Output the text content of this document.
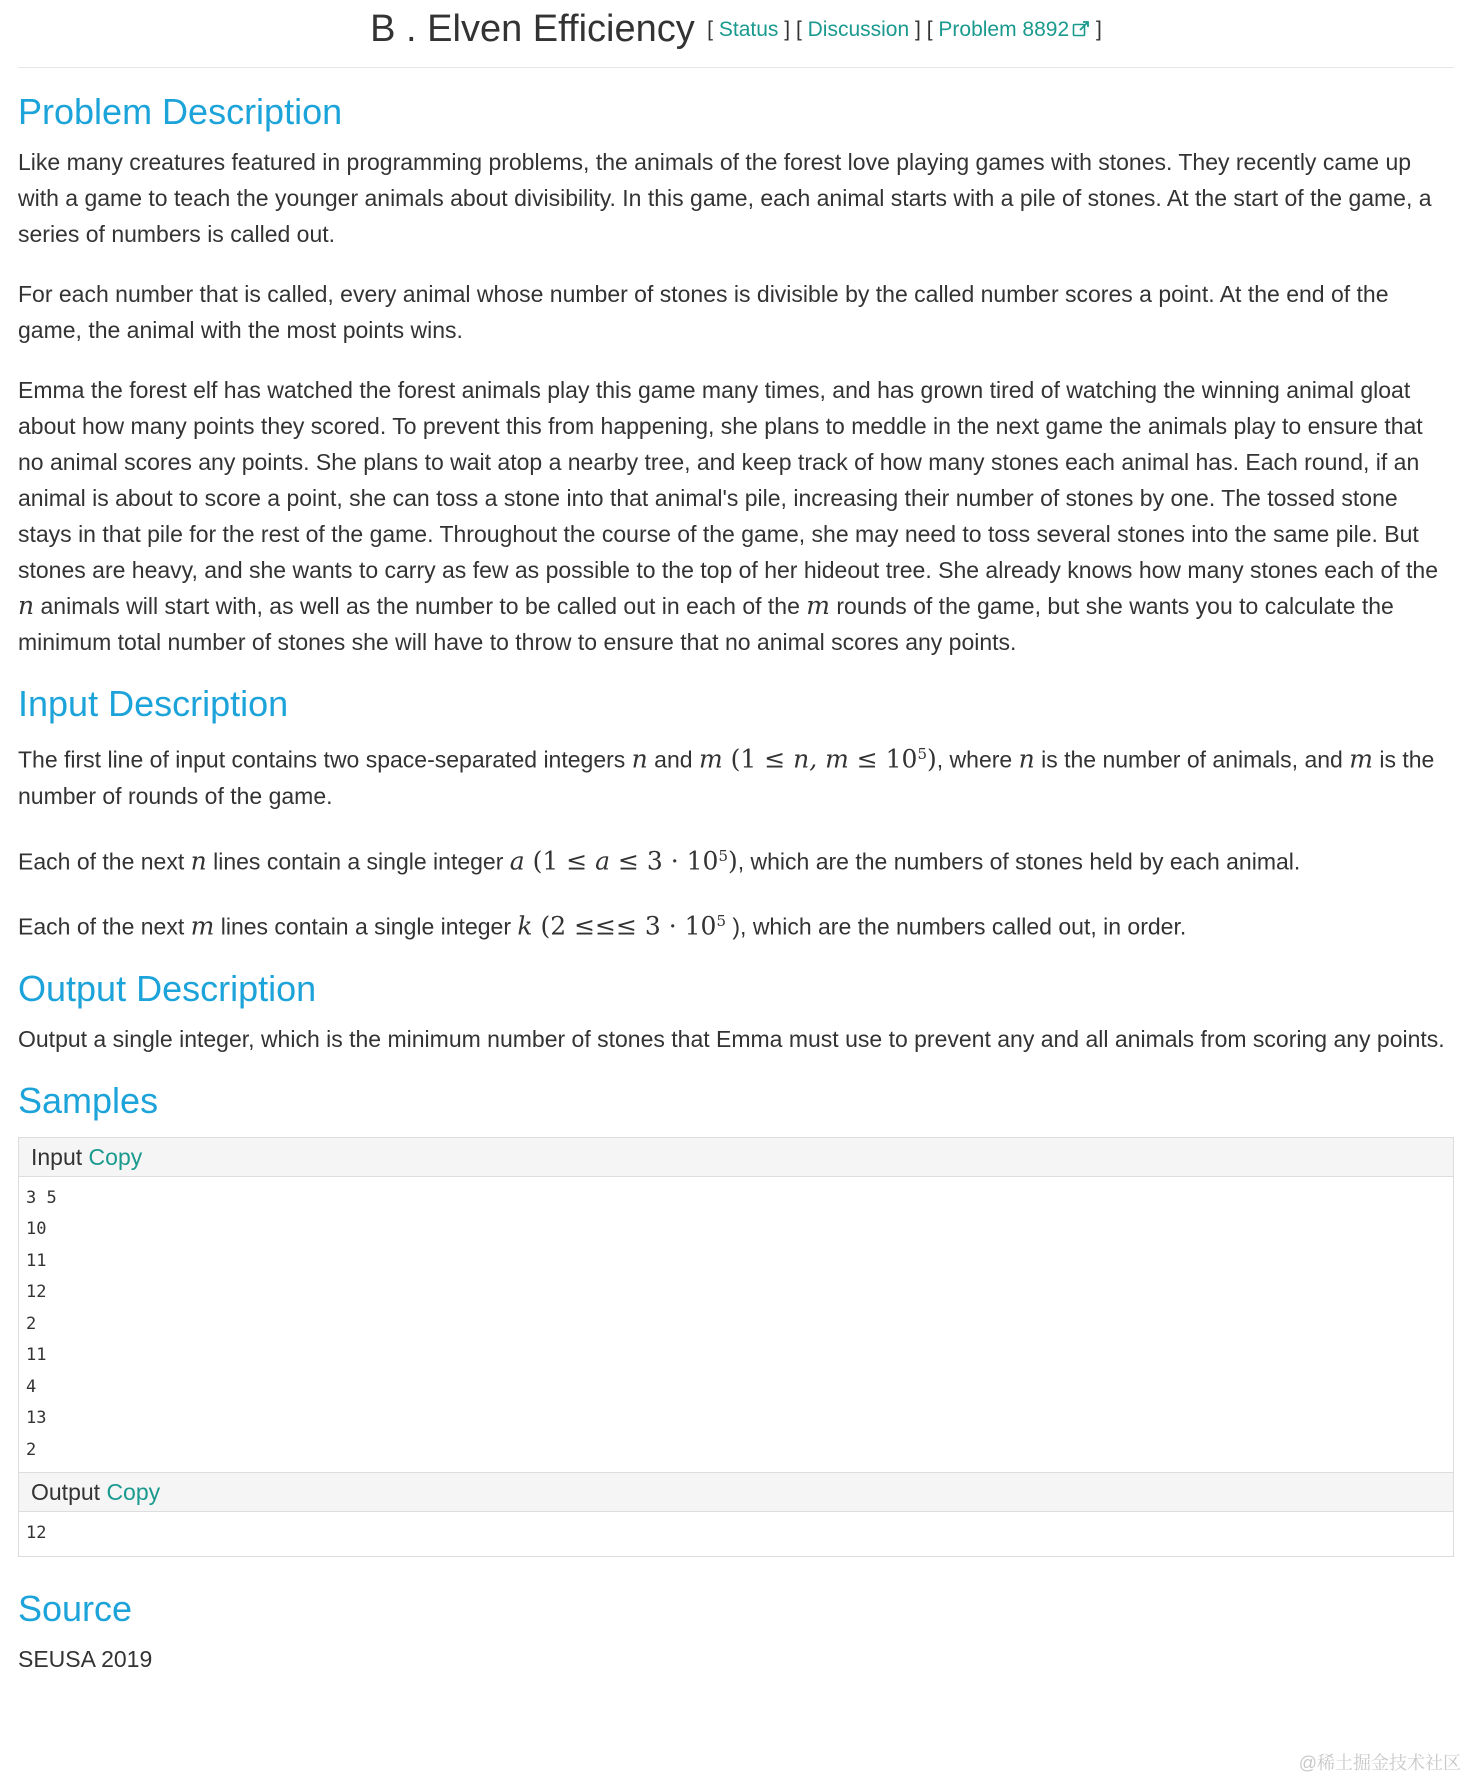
B . Elven Efficiency [ Status ] [ Discussion ] [ Problem 8892 ]
Problem Description

Like many creatures featured in programming problems, the animals of the forest love playing games with stones. They recently came up with a game to teach the younger animals about divisibility. In this game, each animal starts with a pile of stones. At the start of the game, a series of numbers is called out.

For each number that is called, every animal whose number of stones is divisible by the called number scores a point. At the end of the game, the animal with the most points wins.

Emma the forest elf has watched the forest animals play this game many times, and has grown tired of watching the winning animal gloat about how many points they scored. To prevent this from happening, she plans to meddle in the next game the animals play to ensure that no animal scores any points. She plans to wait atop a nearby tree, and keep track of how many stones each animal has. Each round, if an animal is about to score a point, she can toss a stone into that animal's pile, increasing their number of stones by one. The tossed stone stays in that pile for the rest of the game. Throughout the course of the game, she may need to toss several stones into the same pile. But stones are heavy, and she wants to carry as few as possible to the top of her hideout tree. She already knows how many stones each of the n animals will start with, as well as the number to be called out in each of the m rounds of the game, but she wants you to calculate the minimum total number of stones she will have to throw to ensure that no animal scores any points.

Input Description

The first line of input contains two space-separated integers n and m (1 ≤ n, $m \le 10^5$), where n is the number of animals, and m is the number of rounds of the game.

Each of the next n lines contain a single integer a $(1 \le a \le 3 \cdot 10^5)$, which are the numbers of stones held by each animal.

Each of the next m lines contain a single integer k (2 ≤≤≤ $3 \cdot 10^5$ ), which are the numbers called out, in order.

Output Description

Output a single integer, which is the minimum number of stones that Emma must use to prevent any and all animals from scoring any points.

Samples
Input Copy
3 5
10
11
12
2
11
4
13
2
Output Copy
12
Source

SEUSA 2019

@稀土掘金技术社区
